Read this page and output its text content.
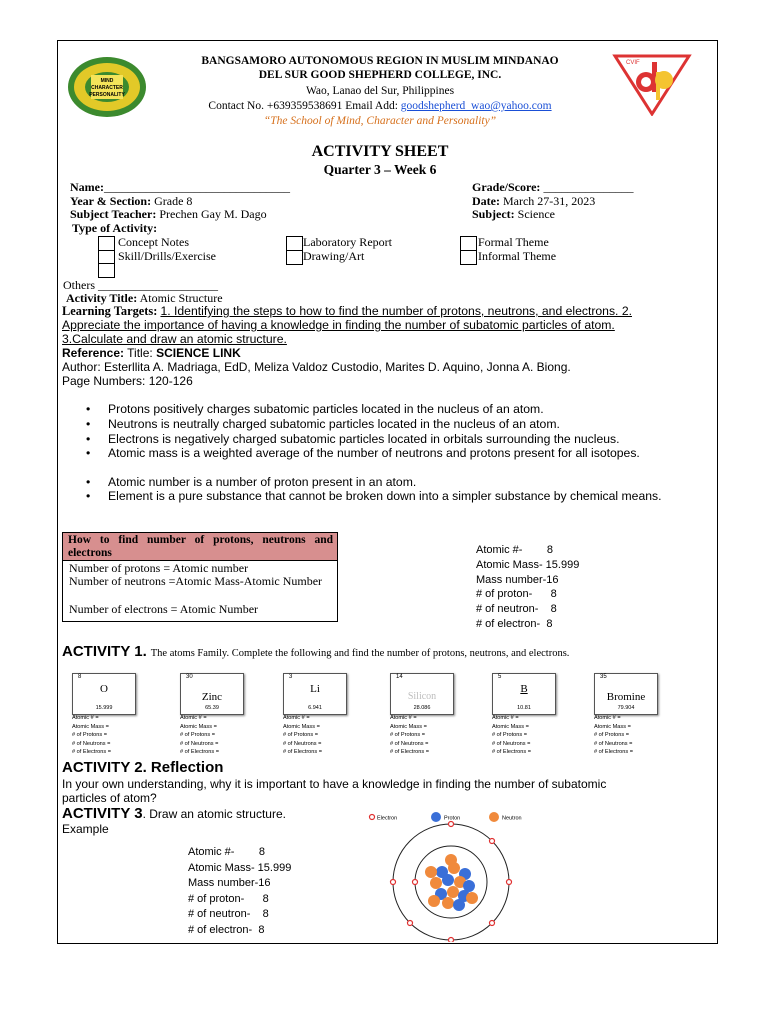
MIND
CHARACTER
PERSONALITY
CVIF
BANGSAMORO AUTONOMOUS REGION IN MUSLIM MINDANAO
DEL SUR GOOD SHEPHERD COLLEGE, INC.
Wao, Lanao del Sur, Philippines
Contact No. +639359538691 Email Add: goodshepherd_wao@yahoo.com
“The School of Mind, Character and Personality”
ACTIVITY SHEET
Quarter 3 – Week 6
Name:_______________________________	Grade/Score: _______________
Year & Section: Grade 8	Date: March 27-31, 2023
Subject Teacher: Prechen Gay M. Dago	Subject: Science
Type of Activity:
Concept Notes	Laboratory Report	Formal Theme
Skill/Drills/Exercise	Drawing/Art	Informal Theme
Others ____________________
Activity Title: Atomic Structure
Learning Targets: 1. Identifying the steps to how to find the number of protons, neutrons, and electrons. 2.
Appreciate the importance of having a knowledge in finding the number of subatomic particles of atom.
3.Calculate and draw an atomic structure.
Reference: Title: SCIENCE LINK
Author: Esterllita A. Madriaga, EdD, Meliza Valdoz Custodio, Marites D. Aquino, Jonna A. Biong.
Page Numbers: 120-126
• Protons positively charges subatomic particles located in the nucleus of an atom.
• Neutrons is neutrally charged subatomic particles located in the nucleus of an atom.
• Electrons is negatively charged subatomic particles located in orbitals surrounding the nucleus.
• Atomic mass is a weighted average of the number of neutrons and protons present for all isotopes.
• Atomic number is a number of proton present in an atom.
• Element is a pure substance that cannot be broken down into a simpler substance by chemical means.
How to find number of protons, neutrons and electrons
Number of protons = Atomic number
Number of neutrons =Atomic Mass-Atomic Number
Number of electrons = Atomic Number
Atomic #-        8
Atomic Mass- 15.999
Mass number-16
# of proton-      8
# of neutron-    8
# of electron-  8
ACTIVITY 1. The atoms Family. Complete the following and find the number of protons, neutrons, and electrons.
8
O
15.999
30
Zinc
65.39
3
Li
6.941
14
Silicon
28.086
5
B
10.81
35
Bromine
79.904
Atomic # =
Atomic Mass =
# of Protons =
# of Neutrons =
# of Electrons =
Atomic # =
Atomic Mass =
# of Protons =
# of Neutrons =
# of Electrons =
Atomic # =
Atomic Mass =
# of Protons =
# of Neutrons =
# of Electrons =
Atomic # =
Atomic Mass =
# of Protons =
# of Neutrons =
# of Electrons =
Atomic # =
Atomic Mass =
# of Protons =
# of Neutrons =
# of Electrons =
Atomic # =
Atomic Mass =
# of Protons =
# of Neutrons =
# of Electrons =
ACTIVITY 2. Reflection
In your own understanding, why it is important to have a knowledge in finding the number of subatomic
particles of atom?
ACTIVITY 3. Draw an atomic structure.
Example
Atomic #-        8
Atomic Mass- 15.999
Mass number-16
# of proton-      8
# of neutron-    8
# of electron-  8
Electron	Proton	Neutron
